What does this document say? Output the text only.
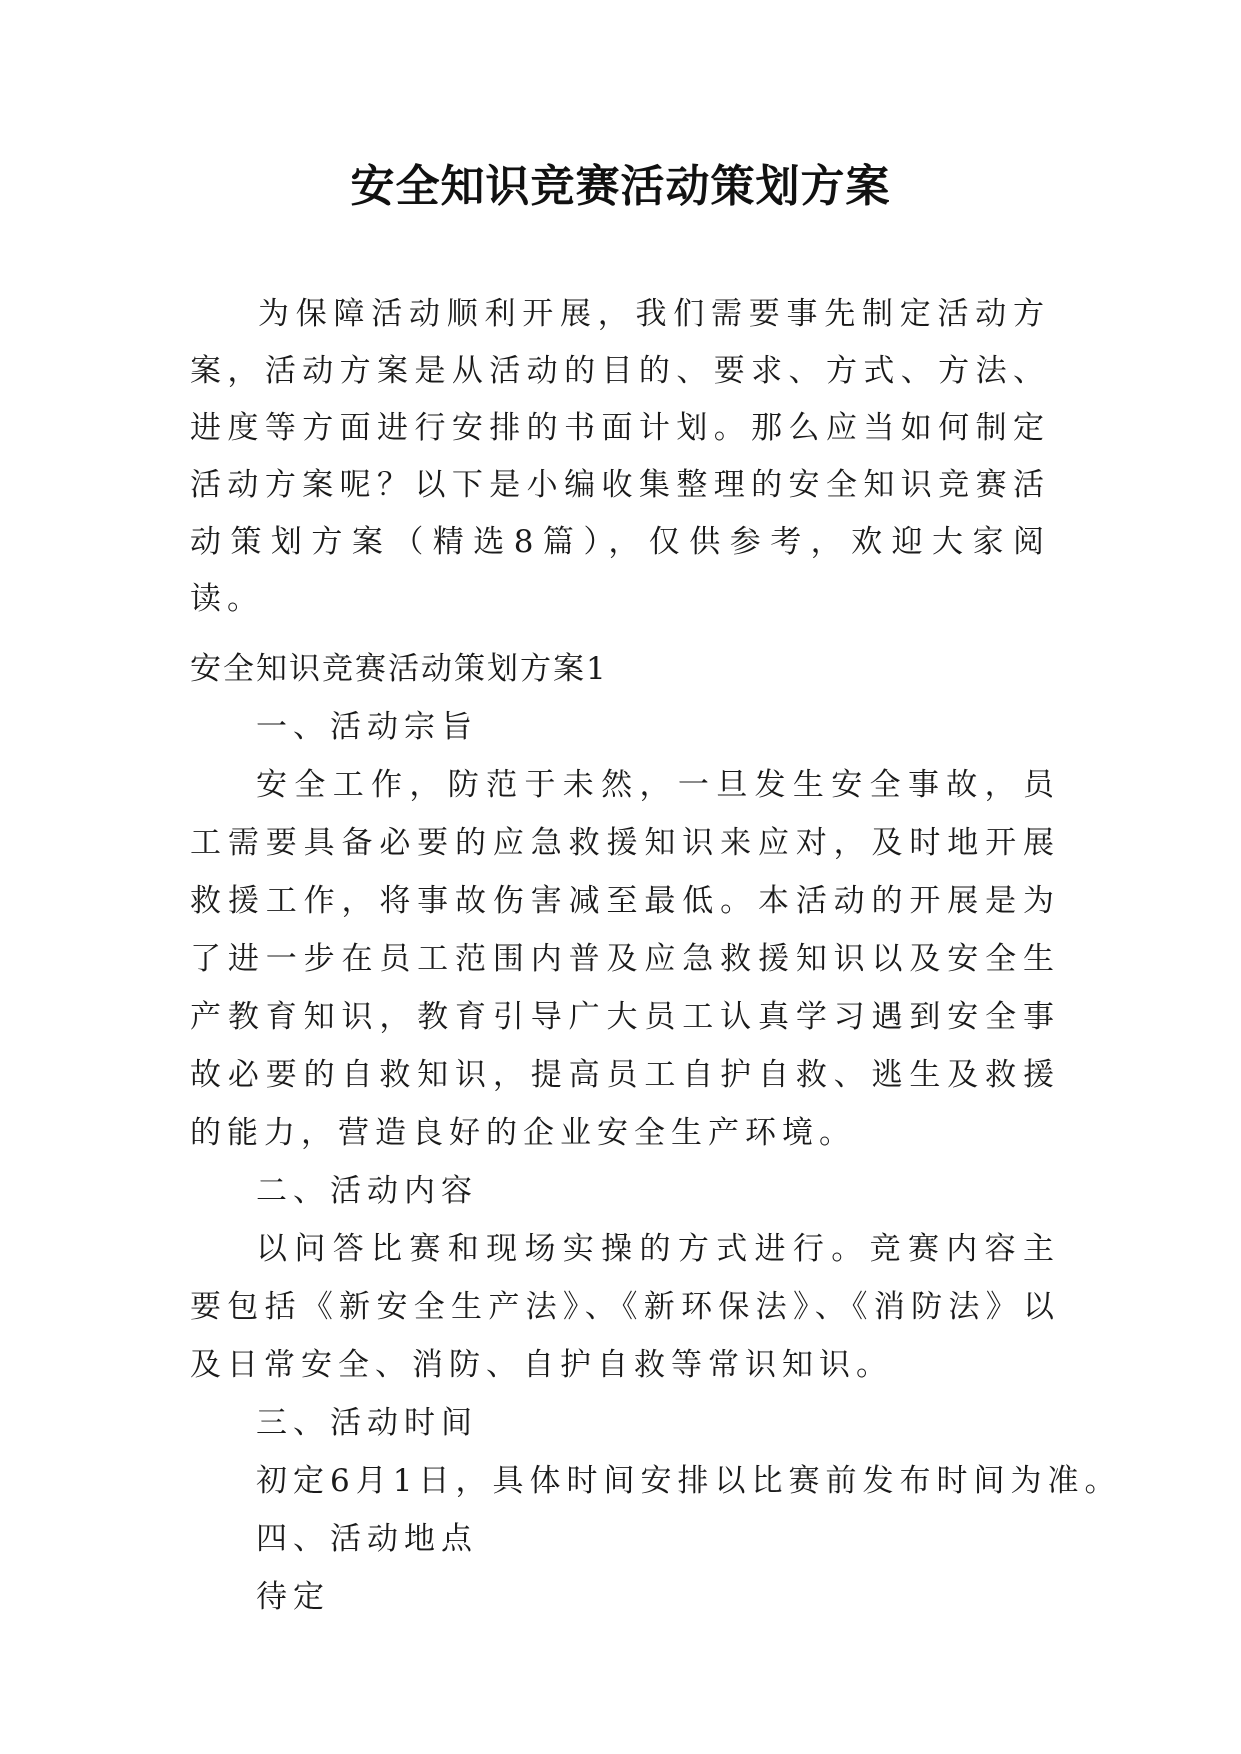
安全知识竞赛活动策划方案

为保障活动顺利开展，我们需要事先制定活动方案，活动方案是从活动的目的、要求、方式、方法、进度等方面进行安排的书面计划。那么应当如何制定活动方案呢？以下是小编收集整理的安全知识竞赛活动策划方案（精选8篇），仅供参考，欢迎大家阅读。

安全知识竞赛活动策划方案1
一、活动宗旨

安全工作，防范于未然，一旦发生安全事故，员工需要具备必要的应急救援知识来应对，及时地开展救援工作，将事故伤害减至最低。本活动的开展是为了进一步在员工范围内普及应急救援知识以及安全生产教育知识，教育引导广大员工认真学习遇到安全事故必要的自救知识，提高员工自护自救、逃生及救援的能力，营造良好的企业安全生产环境。

二、活动内容

以问答比赛和现场实操的方式进行。竞赛内容主要包括《新安全生产法》、《新环保法》、《消防法》以及日常安全、消防、自护自救等常识知识。

三、活动时间
初定6月1日，具体时间安排以比赛前发布时间为准。
四、活动地点
待定
